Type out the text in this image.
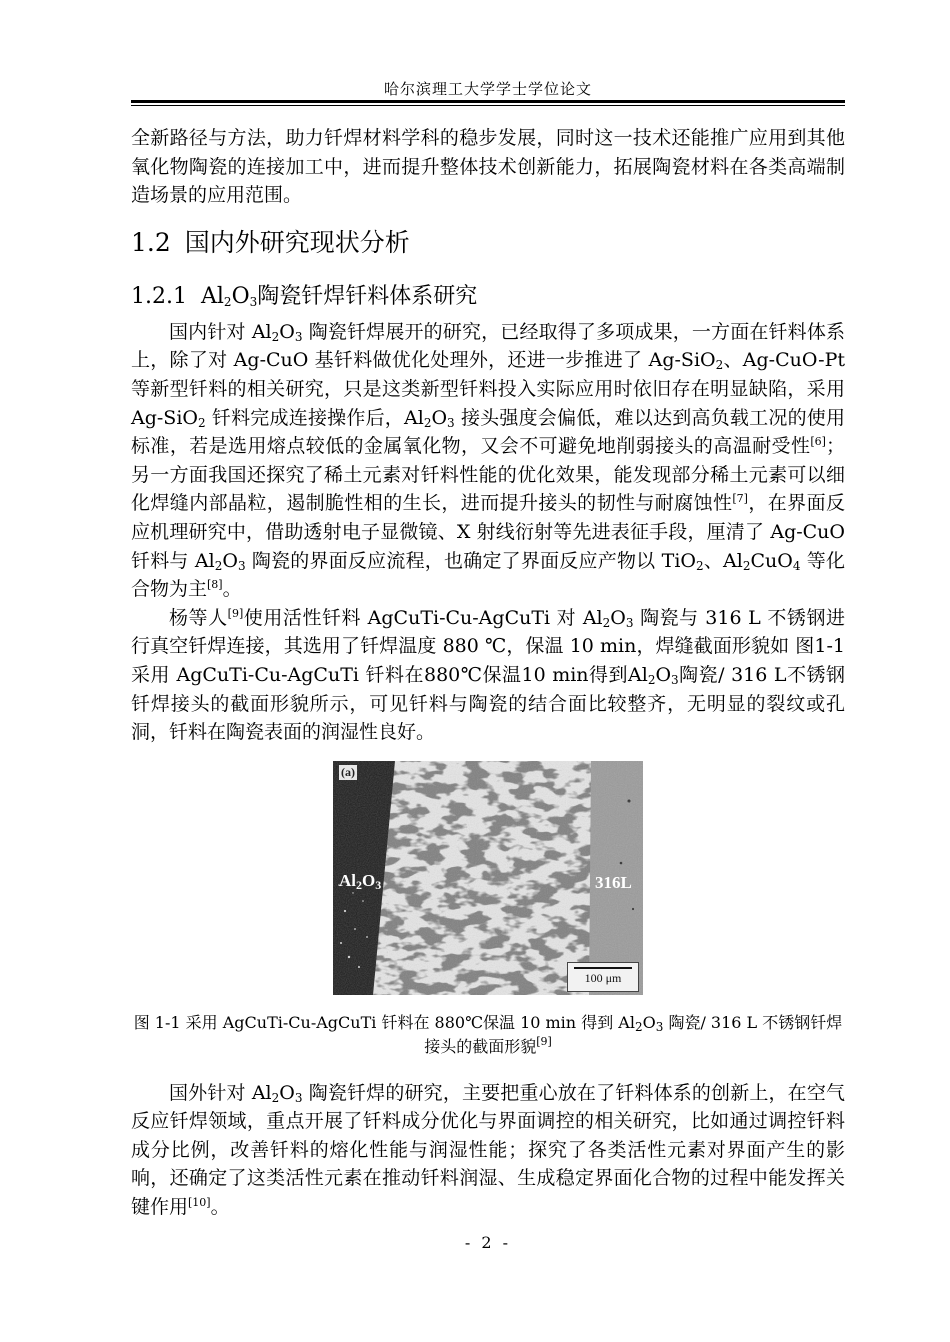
哈尔滨理工大学学士学位论文

全新路径与方法，助力钎焊材料学科的稳步发展，同时这一技术还能推广应用到其他氧化物陶瓷的连接加工中，进而提升整体技术创新能力，拓展陶瓷材料在各类高端制造场景的应用范围。

1.2 国内外研究现状分析
1.2.1 $Al_2O_3$陶瓷钎焊钎料体系研究

国内针对 $Al_2O_3$ 陶瓷钎焊展开的研究，已经取得了多项成果，一方面在钎料体系上，除了对 Ag-CuO 基钎料做优化处理外，还进一步推进了 Ag-SiO$_2$、Ag-CuO-Pt 等新型钎料的相关研究，只是这类新型钎料投入实际应用时依旧存在明显缺陷，采用 Ag-SiO$_2$ 钎料完成连接操作后，$Al_2O_3$ 接头强度会偏低，难以达到高负载工况的使用标准，若是选用熔点较低的金属氧化物，又会不可避免地削弱接头的高温耐受性[6]；另一方面我国还探究了稀土元素对钎料性能的优化效果，能发现部分稀土元素可以细化焊缝内部晶粒，遏制脆性相的生长，进而提升接头的韧性与耐腐蚀性[7]，在界面反应机理研究中，借助透射电子显微镜、X 射线衍射等先进表征手段，厘清了 Ag-CuO 钎料与 $Al_2O_3$ 陶瓷的界面反应流程，也确定了界面反应产物以 TiO$_2$、$Al_2CuO_4$ 等化合物为主[8]。

杨等人[9]使用活性钎料 AgCuTi-Cu-AgCuTi 对 $Al_2O_3$ 陶瓷与 316 L 不锈钢进行真空钎焊连接，其选用了钎焊温度 880 ℃，保温 10 min，焊缝截面形貌如 图1-1采用 AgCuTi-Cu-AgCuTi 钎料在880℃保温10 min得到$Al_2O_3$陶瓷/ 316 L不锈钢钎焊接头的截面形貌所示，可见钎料与陶瓷的结合面比较整齐，无明显的裂纹或孔洞，钎料在陶瓷表面的润湿性良好。

(a)
$Al_2O_3$	316L
100 μm
图 1-1 采用 AgCuTi-Cu-AgCuTi 钎料在 880℃保温 10 min 得到 $Al_2O_3$ 陶瓷/ 316 L 不锈钢钎焊接头的截面形貌[9]

国外针对 $Al_2O_3$ 陶瓷钎焊的研究，主要把重心放在了钎料体系的创新上，在空气反应钎焊领域，重点开展了钎料成分优化与界面调控的相关研究，比如通过调控钎料成分比例，改善钎料的熔化性能与润湿性能；探究了各类活性元素对界面产生的影响，还确定了这类活性元素在推动钎料润湿、生成稳定界面化合物的过程中能发挥关键作用[10]。

- 2 -
